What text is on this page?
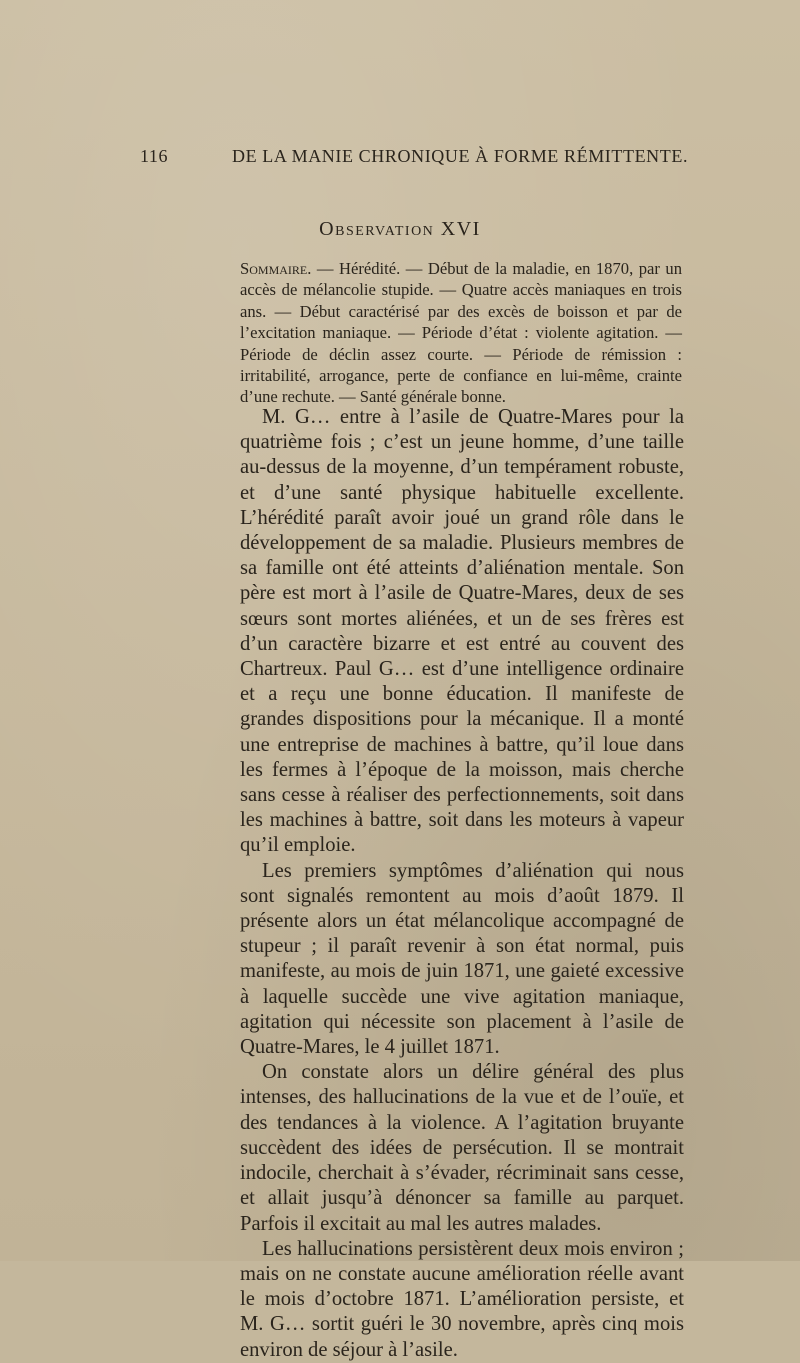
116	DE LA MANIE CHRONIQUE À FORME RÉMITTENTE.
Observation XVI
Sommaire. — Hérédité. — Début de la maladie, en 1870, par un accès de mélancolie stupide. — Quatre accès maniaques en trois ans. — Début caractérisé par des excès de boisson et par de l’excitation maniaque. — Période d’état : violente agitation. — Période de déclin assez courte. — Période de rémission : irritabilité, arrogance, perte de confiance en lui-même, crainte d’une rechute. — Santé générale bonne.

M. G… entre à l’asile de Quatre-Mares pour la quatrième fois ; c’est un jeune homme, d’une taille au-dessus de la moyenne, d’un tempérament robuste, et d’une santé physique habituelle excellente. L’hérédité paraît avoir joué un grand rôle dans le développement de sa maladie. Plusieurs membres de sa famille ont été atteints d’aliénation mentale. Son père est mort à l’asile de Quatre-Mares, deux de ses sœurs sont mortes aliénées, et un de ses frères est d’un caractère bizarre et est entré au couvent des Chartreux. Paul G… est d’une intelligence ordinaire et a reçu une bonne éducation. Il manifeste de grandes dispositions pour la mécanique. Il a monté une entreprise de machines à battre, qu’il loue dans les fermes à l’époque de la moisson, mais cherche sans cesse à réaliser des perfectionnements, soit dans les machines à battre, soit dans les moteurs à vapeur qu’il emploie.

Les premiers symptômes d’aliénation qui nous sont signalés remontent au mois d’août 1879. Il présente alors un état mélancolique accompagné de stupeur ; il paraît revenir à son état normal, puis manifeste, au mois de juin 1871, une gaieté excessive à laquelle succède une vive agitation maniaque, agitation qui nécessite son placement à l’asile de Quatre-Mares, le 4 juillet 1871.

On constate alors un délire général des plus intenses, des hallucinations de la vue et de l’ouïe, et des tendances à la violence. A l’agitation bruyante succèdent des idées de persécution. Il se montrait indocile, cherchait à s’évader, récriminait sans cesse, et allait jusqu’à dénoncer sa famille au parquet. Parfois il excitait au mal les autres malades.

Les hallucinations persistèrent deux mois environ ; mais on ne constate aucune amélioration réelle avant le mois d’octobre 1871. L’amélioration persiste, et M. G… sortit guéri le 30 novembre, après cinq mois environ de séjour à l’asile.
